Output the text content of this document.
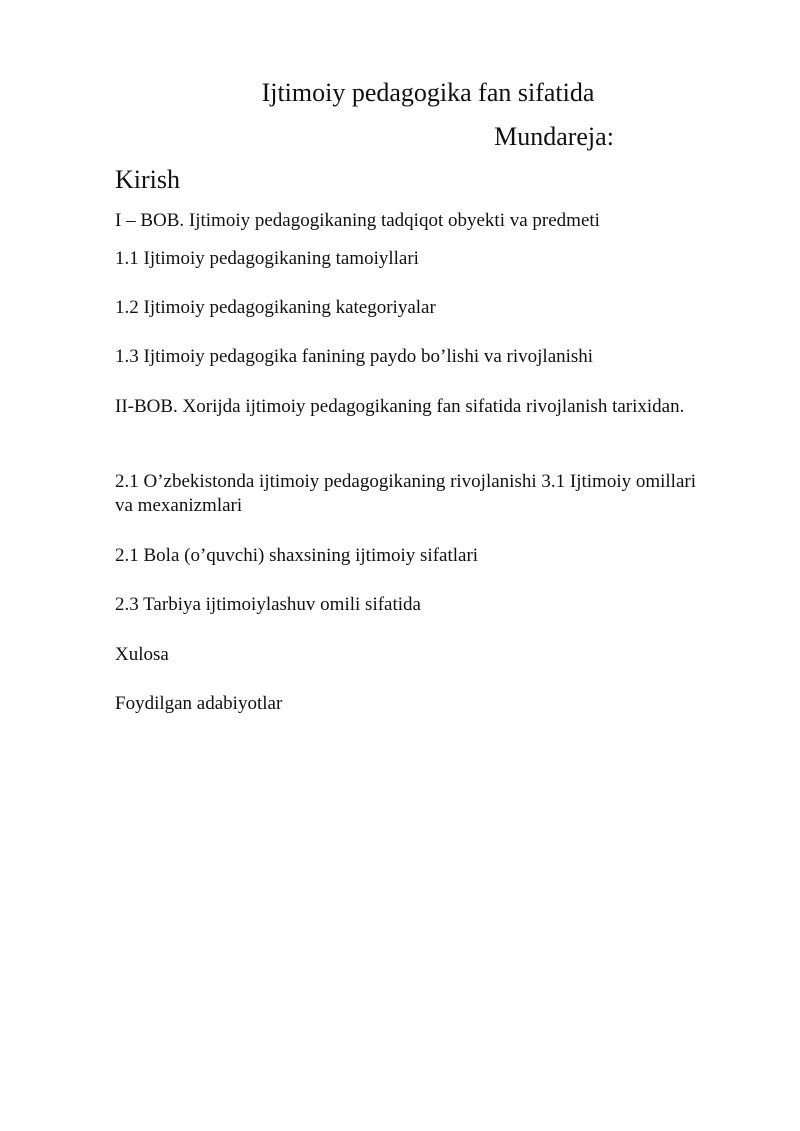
Ijtimoiy pedagogika fan sifatida
Mundareja:
Kirish
I – BOB. Ijtimoiy pedagogikaning tadqiqot obyekti va predmeti
1.1 Ijtimoiy pedagogikaning tamoiyllari
1.2 Ijtimoiy pedagogikaning kategoriyalar
1.3 Ijtimoiy pedagogika fanining paydo bo’lishi va rivojlanishi
II-BOB. Xorijda ijtimoiy pedagogikaning fan sifatida rivojlanish tarixidan.
2.1 O’zbekistonda ijtimoiy pedagogikaning rivojlanishi 3.1 Ijtimoiy omillari va mexanizmlari
2.1 Bola (o’quvchi) shaxsining ijtimoiy sifatlari
2.3 Tarbiya ijtimoiylashuv omili sifatida
Xulosa
Foydilgan adabiyotlar
